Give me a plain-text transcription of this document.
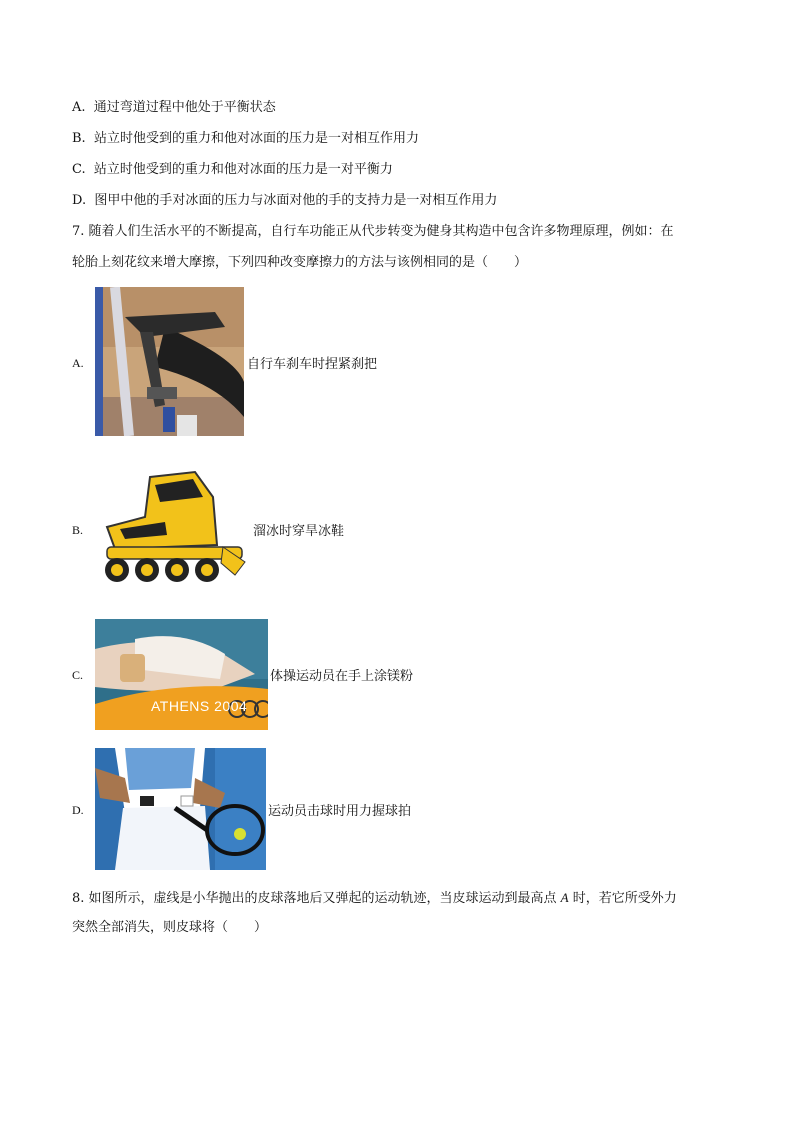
A. 通过弯道过程中他处于平衡状态
B. 站立时他受到的重力和他对冰面的压力是一对相互作用力
C. 站立时他受到的重力和他对冰面的压力是一对平衡力
D. 图甲中他的手对冰面的压力与冰面对他的手的支持力是一对相互作用力
7. 随着人们生活水平的不断提高，自行车功能正从代步转变为健身其构造中包含许多物理原理，例如：在
轮胎上刻花纹来增大摩擦，下列四种改变摩擦力的方法与该例相同的是（　　）
A.	自行车刹车时捏紧刹把
B.	溜冰时穿旱冰鞋
C.
ATHENS 2004
体操运动员在手上涂镁粉
D.	运动员击球时用力握球拍
8. 如图所示，虚线是小华抛出的皮球落地后又弹起的运动轨迹，当皮球运动到最高点 A 时，若它所受外力
突然全部消失，则皮球将（　　）
